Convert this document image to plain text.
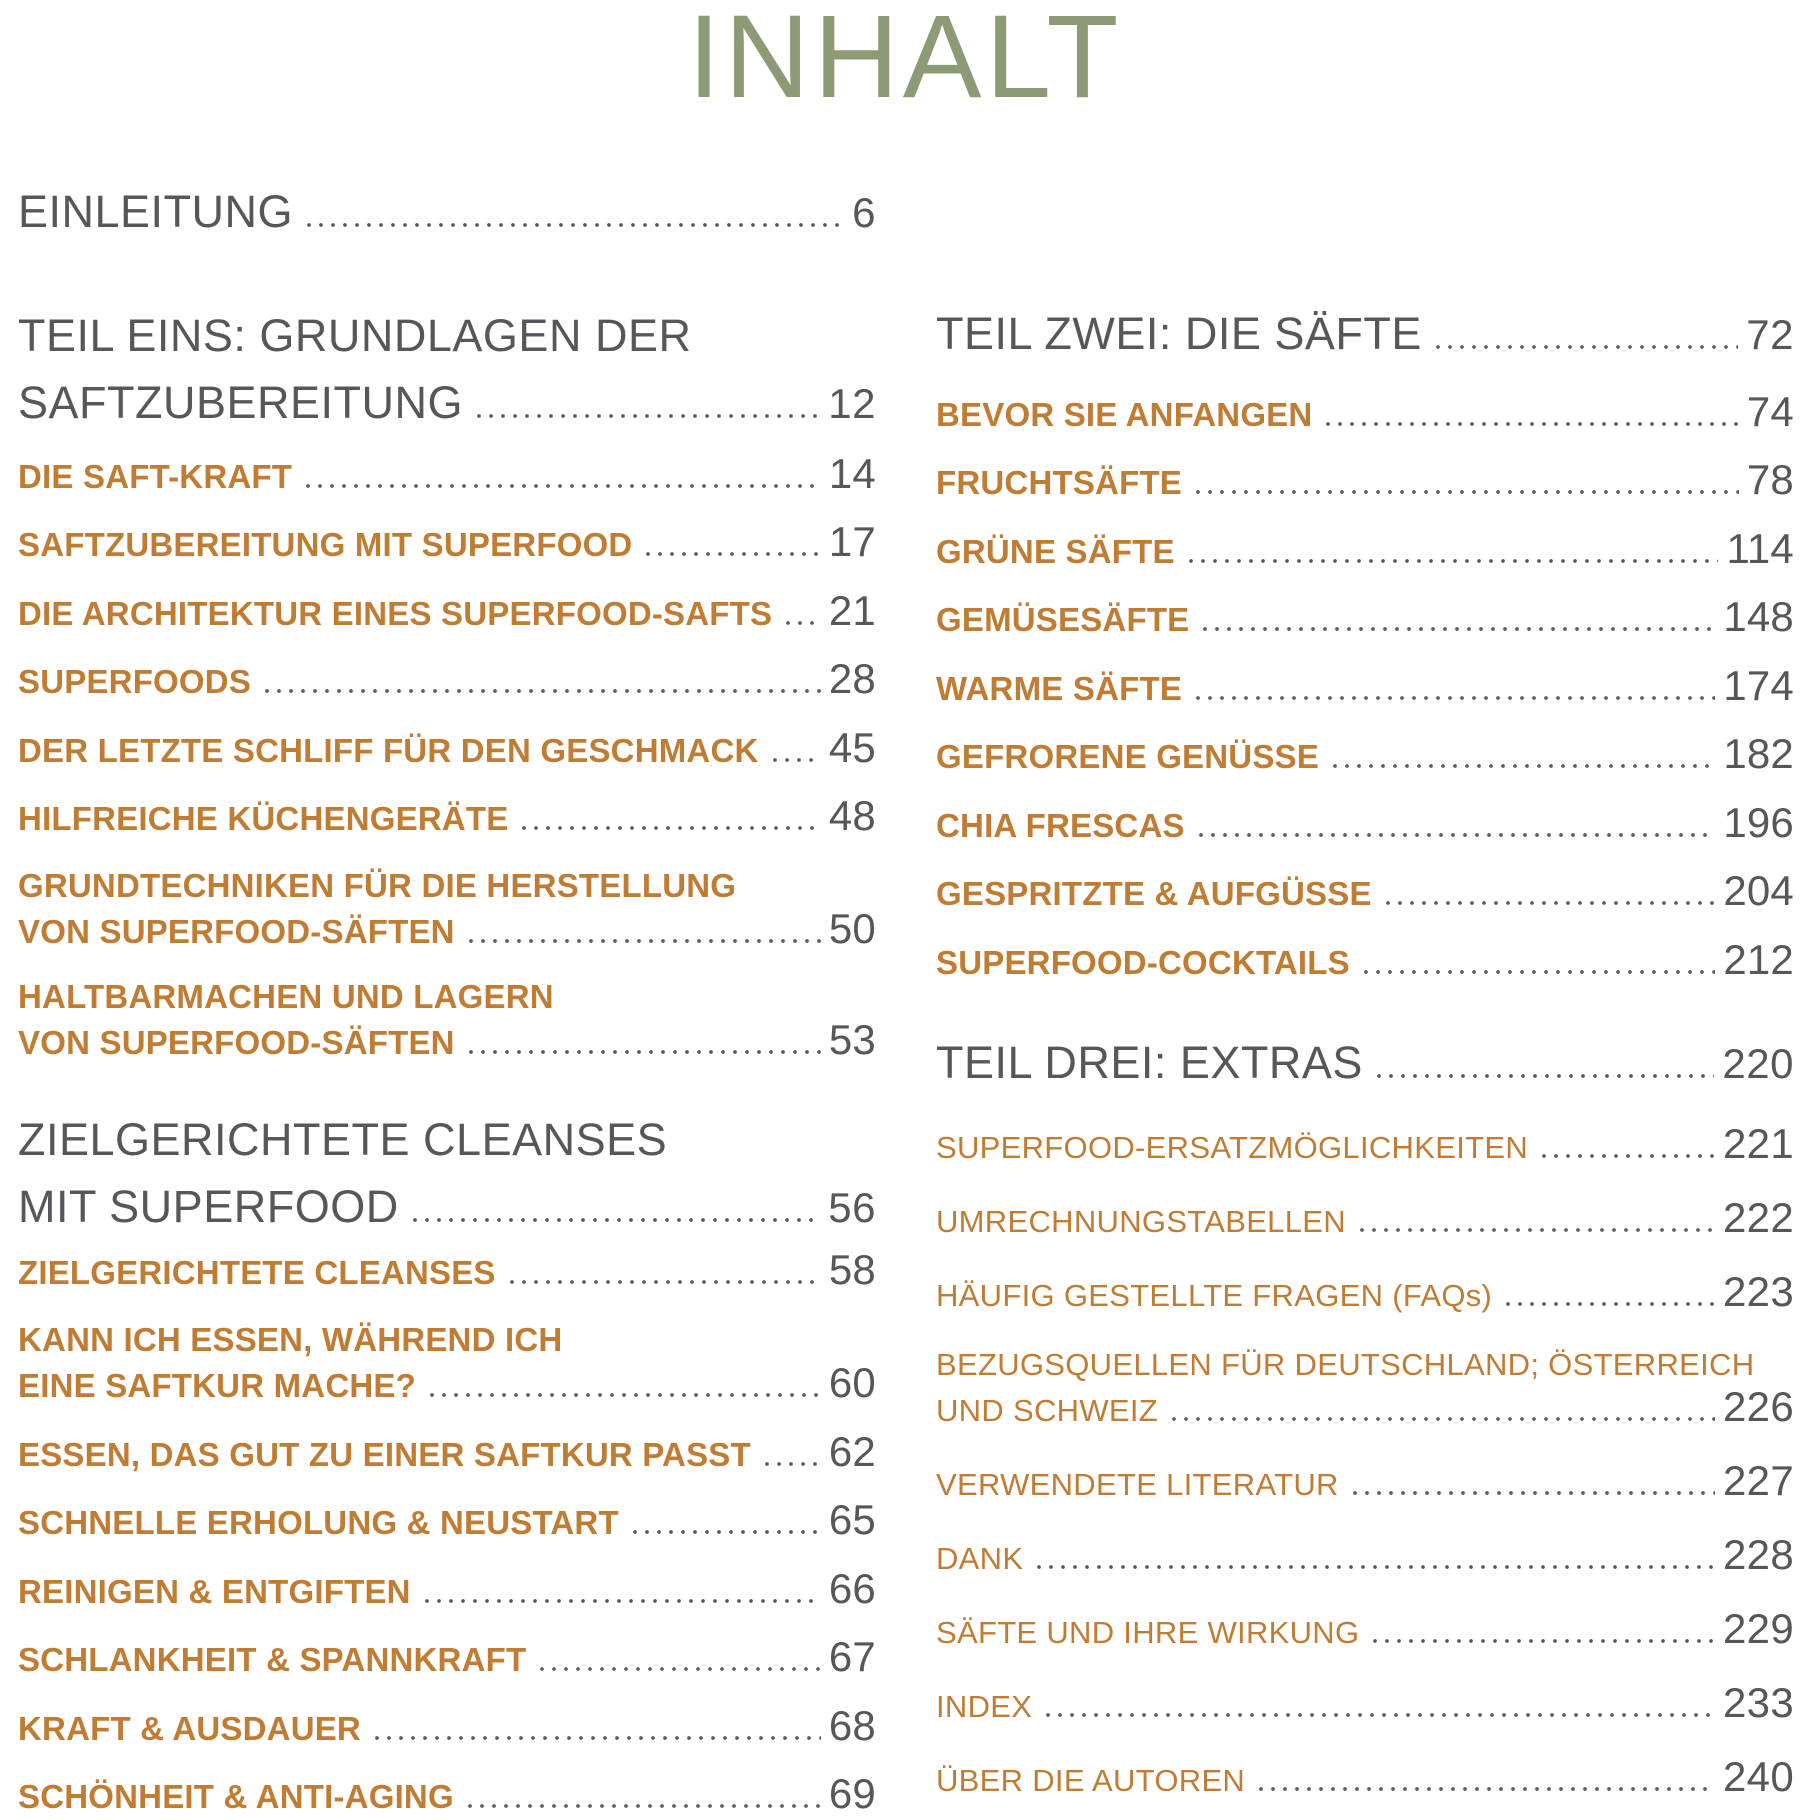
INHALT
EINLEITUNG	6
TEIL EINS: GRUNDLAGEN DER
SAFTZUBEREITUNG	12
DIE SAFT-KRAFT	14
SAFTZUBEREITUNG MIT SUPERFOOD	17
DIE ARCHITEKTUR EINES SUPERFOOD-SAFTS 21
SUPERFOODS	28
DER LETZTE SCHLIFF FÜR DEN GESCHMACK 45
HILFREICHE KÜCHENGERÄTE	48
GRUNDTECHNIKEN FÜR DIE HERSTELLUNG
VON SUPERFOOD-SÄFTEN	50
HALTBARMACHEN UND LAGERN
VON SUPERFOOD-SÄFTEN	53
ZIELGERICHTETE CLEANSES
MIT SUPERFOOD	56
ZIELGERICHTETE CLEANSES	58
KANN ICH ESSEN, WÄHREND ICH
EINE SAFTKUR MACHE?	60
ESSEN, DAS GUT ZU EINER SAFTKUR PASST 62
SCHNELLE ERHOLUNG & NEUSTART	65
REINIGEN & ENTGIFTEN	66
SCHLANKHEIT & SPANNKRAFT	67
KRAFT & AUSDAUER	68
SCHÖNHEIT & ANTI-AGING	69
TEIL ZWEI: DIE SÄFTE	72
BEVOR SIE ANFANGEN	74
FRUCHTSÄFTE	78
GRÜNE SÄFTE	114
GEMÜSESÄFTE	148
WARME SÄFTE	174
GEFRORENE GENÜSSE	182
CHIA FRESCAS	196
GESPRITZTE & AUFGÜSSE	204
SUPERFOOD-COCKTAILS	212
TEIL DREI: EXTRAS	220
SUPERFOOD-ERSATZMÖGLICHKEITEN	221
UMRECHNUNGSTABELLEN	222
HÄUFIG GESTELLTE FRAGEN (FAQs)	223
BEZUGSQUELLEN FÜR DEUTSCHLAND; ÖSTERREICH
UND SCHWEIZ	226
VERWENDETE LITERATUR	227
DANK	228
SÄFTE UND IHRE WIRKUNG	229
INDEX	233
ÜBER DIE AUTOREN	240
